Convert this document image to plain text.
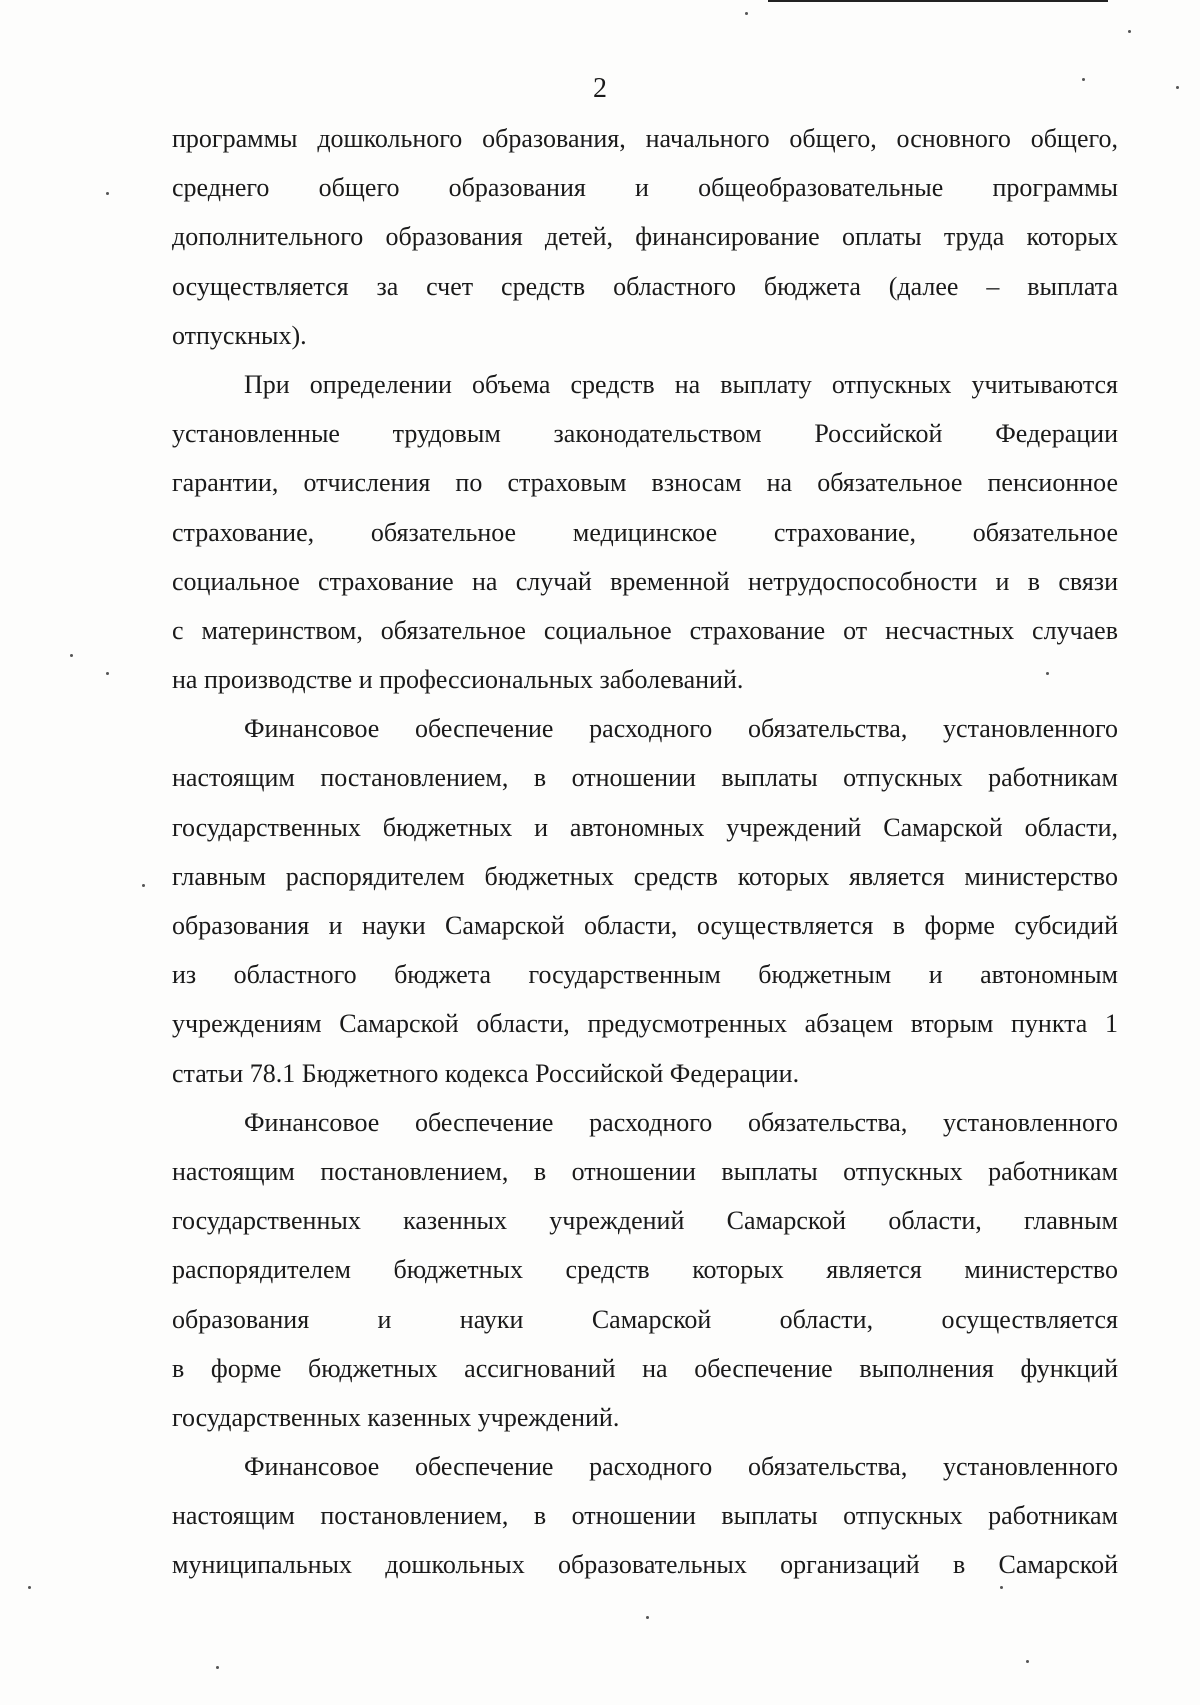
2
программы дошкольного образования, начального общего, основного общего,
среднего общего образования и общеобразовательные программы
дополнительного образования детей, финансирование оплаты труда которых
осуществляется за счет средств областного бюджета (далее – выплата
отпускных).
При определении объема средств на выплату отпускных учитываются
установленные трудовым законодательством Российской Федерации
гарантии, отчисления по страховым взносам на обязательное пенсионное
страхование, обязательное медицинское страхование, обязательное
социальное страхование на случай временной нетрудоспособности и в связи
с материнством, обязательное социальное страхование от несчастных случаев
на производстве и профессиональных заболеваний.
Финансовое обеспечение расходного обязательства, установленного
настоящим постановлением, в отношении выплаты отпускных работникам
государственных бюджетных и автономных учреждений Самарской области,
главным распорядителем бюджетных средств которых является министерство
образования и науки Самарской области, осуществляется в форме субсидий
из областного бюджета государственным бюджетным и автономным
учреждениям Самарской области, предусмотренных абзацем вторым пункта 1
статьи 78.1 Бюджетного кодекса Российской Федерации.
Финансовое обеспечение расходного обязательства, установленного
настоящим постановлением, в отношении выплаты отпускных работникам
государственных казенных учреждений Самарской области, главным
распорядителем бюджетных средств которых является министерство
образования и науки Самарской области, осуществляется
в форме бюджетных ассигнований на обеспечение выполнения функций
государственных казенных учреждений.
Финансовое обеспечение расходного обязательства, установленного
настоящим постановлением, в отношении выплаты отпускных работникам
муниципальных дошкольных образовательных организаций в Самарской
